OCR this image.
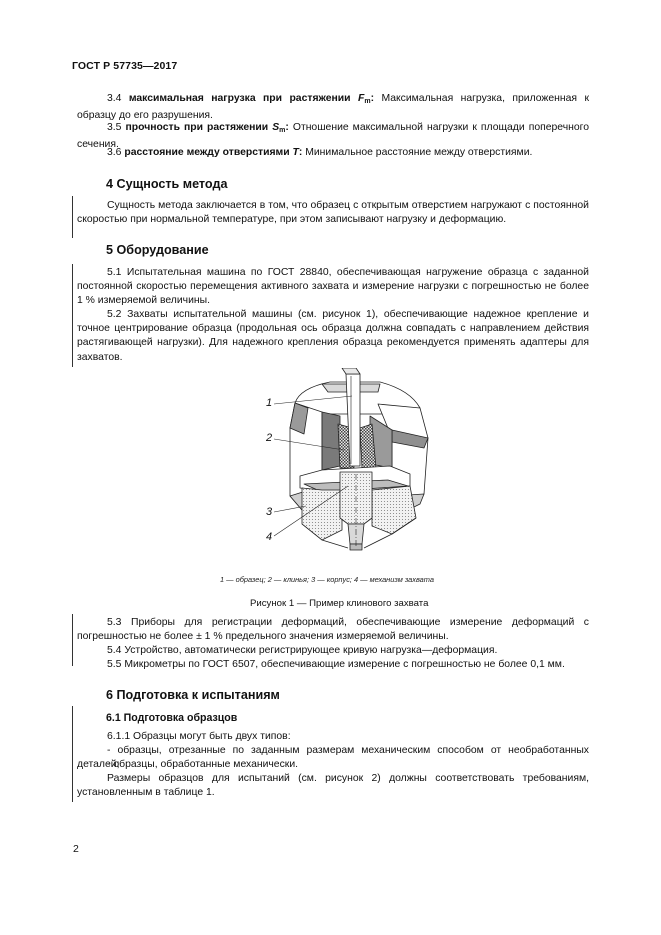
ГОСТ Р 57735—2017

3.4 максимальная нагрузка при растяжении $F_m$: Максимальная нагрузка, приложенная к образцу до его разрушения.

3.5 прочность при растяжении $S_m$: Отношение максимальной нагрузки к площади поперечного сечения.

3.6 расстояние между отверстиями T: Минимальное расстояние между отверстиями.

4 Сущность метода

Сущность метода заключается в том, что образец с открытым отверстием нагружают с постоянной скоростью при нормальной температуре, при этом записывают нагрузку и деформацию.

5 Оборудование

5.1 Испытательная машина по ГОСТ 28840, обеспечивающая нагружение образца с заданной постоянной скоростью перемещения активного захвата и измерение нагрузки с погрешностью не более 1 % измеряемой величины.

5.2 Захваты испытательной машины (см. рисунок 1), обеспечивающие надежное крепление и точное центрирование образца (продольная ось образца должна совпадать с направлением действия растягивающей нагрузки). Для надежного крепления образца рекомендуется применять адаптеры для захватов.

1
2
3
4
1 — образец; 2 — клинья; 3 — корпус; 4 — механизм захвата
Рисунок 1 — Пример клинового захвата

5.3 Приборы для регистрации деформаций, обеспечивающие измерение деформаций с погрешностью не более ± 1 % предельного значения измеряемой величины.

5.4 Устройство, автоматически регистрирующее кривую нагрузка—деформация.

5.5 Микрометры по ГОСТ 6507, обеспечивающие измерение с погрешностью не более 0,1 мм.

6 Подготовка к испытаниям
6.1 Подготовка образцов

6.1.1 Образцы могут быть двух типов:

- образцы, отрезанные по заданным размерам механическим способом от необработанных деталей;

- образцы, обработанные механически.

Размеры образцов для испытаний (см. рисунок 2) должны соответствовать требованиям, установленным в таблице 1.

2
